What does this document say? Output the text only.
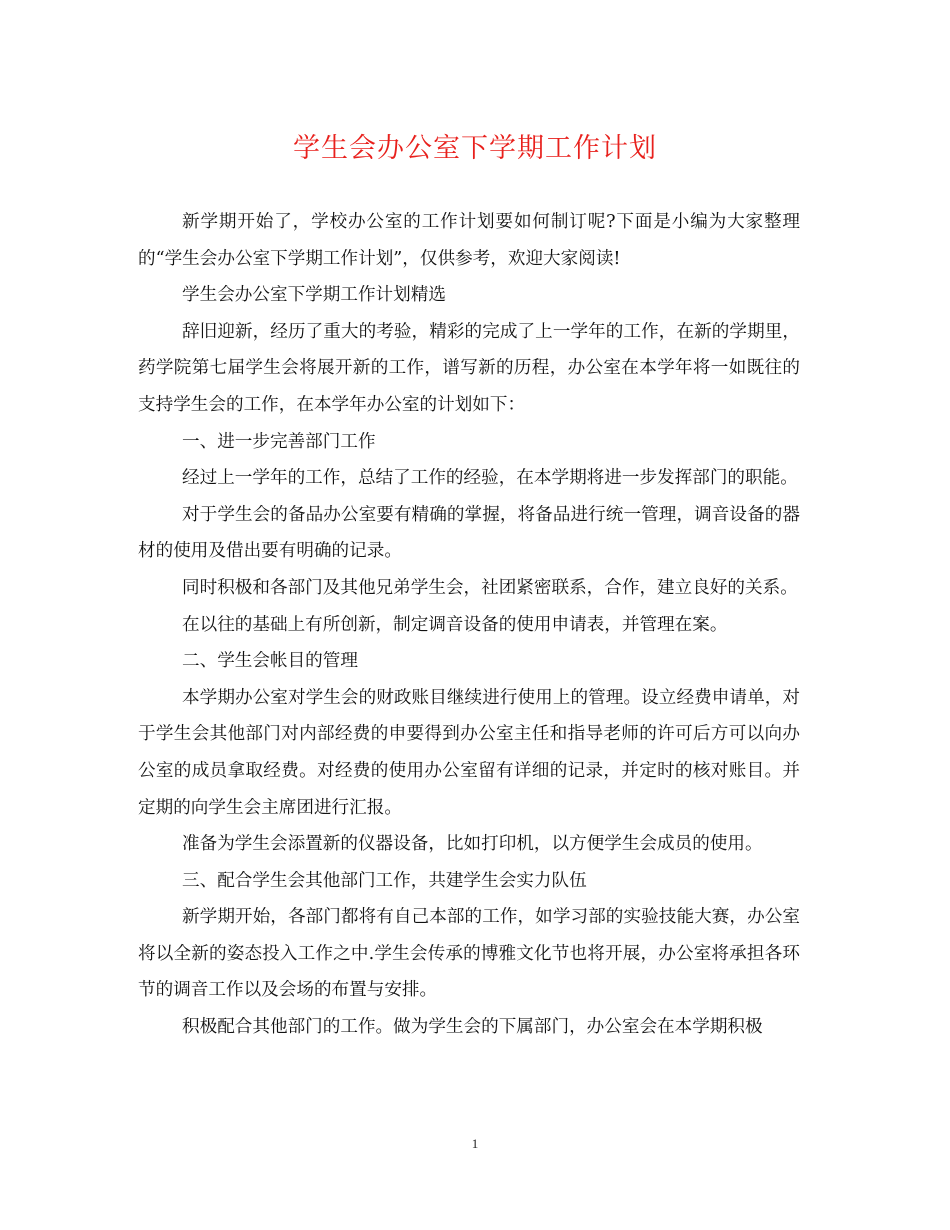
学生会办公室下学期工作计划

新学期开始了，学校办公室的工作计划要如何制订呢?下面是小编为大家整理的“学生会办公室下学期工作计划”，仅供参考，欢迎大家阅读!

学生会办公室下学期工作计划精选

辞旧迎新，经历了重大的考验，精彩的完成了上一学年的工作，在新的学期里，药学院第七届学生会将展开新的工作，谱写新的历程，办公室在本学年将一如既往的支持学生会的工作，在本学年办公室的计划如下：

一、进一步完善部门工作

经过上一学年的工作，总结了工作的经验，在本学期将进一步发挥部门的职能。

对于学生会的备品办公室要有精确的掌握，将备品进行统一管理，调音设备的器材的使用及借出要有明确的记录。

同时积极和各部门及其他兄弟学生会，社团紧密联系，合作，建立良好的关系。

在以往的基础上有所创新，制定调音设备的使用申请表，并管理在案。

二、学生会帐目的管理

本学期办公室对学生会的财政账目继续进行使用上的管理。设立经费申请单，对于学生会其他部门对内部经费的申要得到办公室主任和指导老师的许可后方可以向办公室的成员拿取经费。对经费的使用办公室留有详细的记录，并定时的核对账目。并定期的向学生会主席团进行汇报。

准备为学生会添置新的仪器设备，比如打印机，以方便学生会成员的使用。

三、配合学生会其他部门工作，共建学生会实力队伍

新学期开始，各部门都将有自己本部的工作，如学习部的实验技能大赛，办公室将以全新的姿态投入工作之中.学生会传承的博雅文化节也将开展，办公室将承担各环节的调音工作以及会场的布置与安排。

积极配合其他部门的工作。做为学生会的下属部门，办公室会在本学期积极

1
